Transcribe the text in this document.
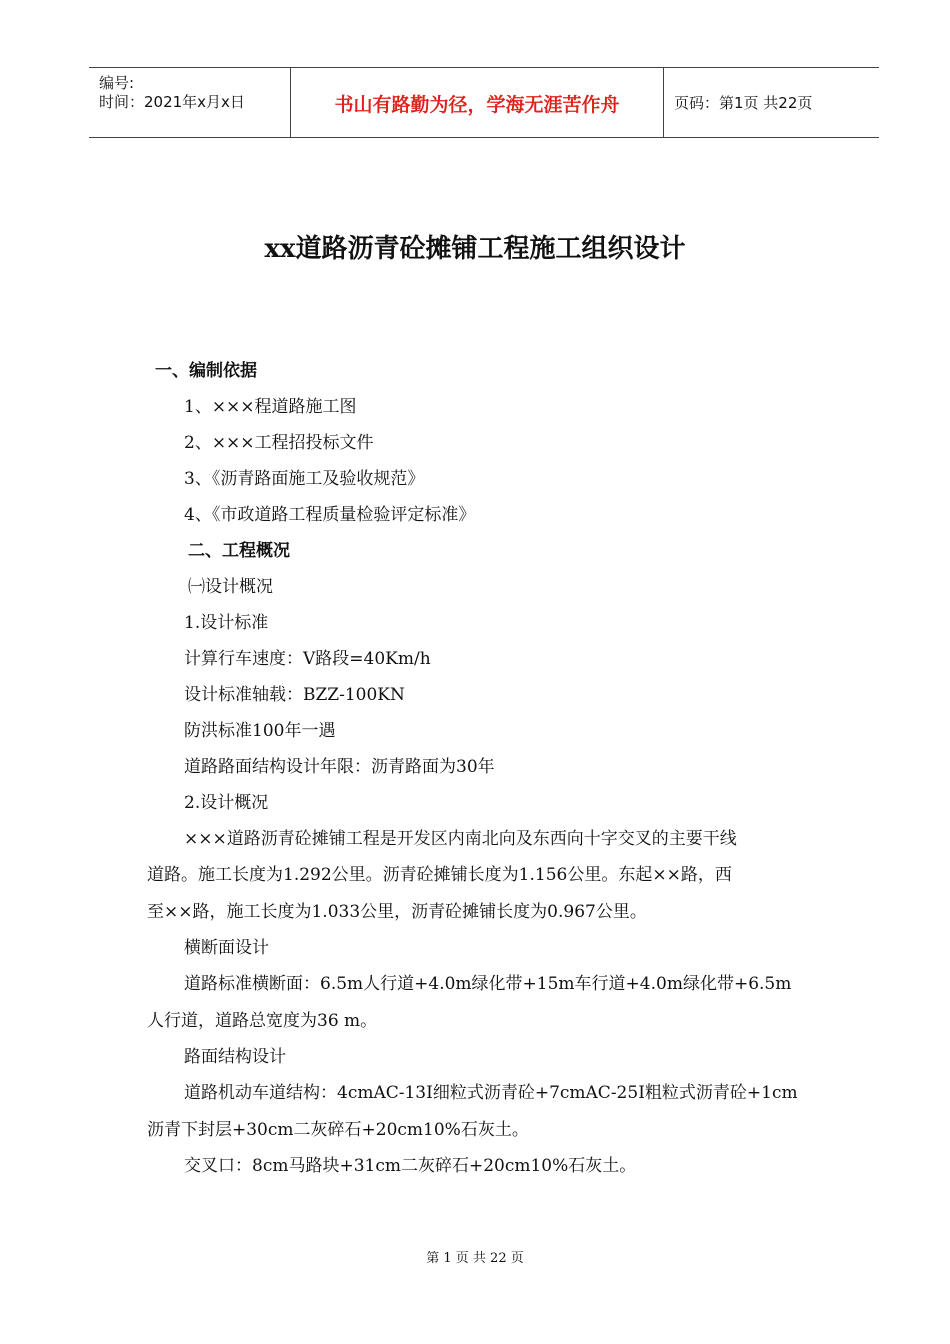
编号:
时间：2021年x月x日	书山有路勤为径，学海无涯苦作舟	页码：第1页 共22页
xx道路沥青砼摊铺工程施工组织设计
一、编制依据
1、×××程道路施工图
2、×××工程招投标文件
3、《沥青路面施工及验收规范》
4、《市政道路工程质量检验评定标准》
二、工程概况
㈠设计概况
1.设计标准
计算行车速度：V路段=40Km/h
设计标准轴载：BZZ-100KN
防洪标准100年一遇
道路路面结构设计年限：沥青路面为30年
2.设计概况
×××道路沥青砼摊铺工程是开发区内南北向及东西向十字交叉的主要干线
道路。施工长度为1.292公里。沥青砼摊铺长度为1.156公里。东起××路，西
至××路，施工长度为1.033公里，沥青砼摊铺长度为0.967公里。
横断面设计
道路标准横断面：6.5m人行道+4.0m绿化带+15m车行道+4.0m绿化带+6.5m
人行道，道路总宽度为36 m。
路面结构设计
道路机动车道结构：4cmAC-13I细粒式沥青砼+7cmAC-25I粗粒式沥青砼+1cm
沥青下封层+30cm二灰碎石+20cm10%石灰土。
交叉口：8cm马路块+31cm二灰碎石+20cm10%石灰土。
第 1 页 共 22 页
